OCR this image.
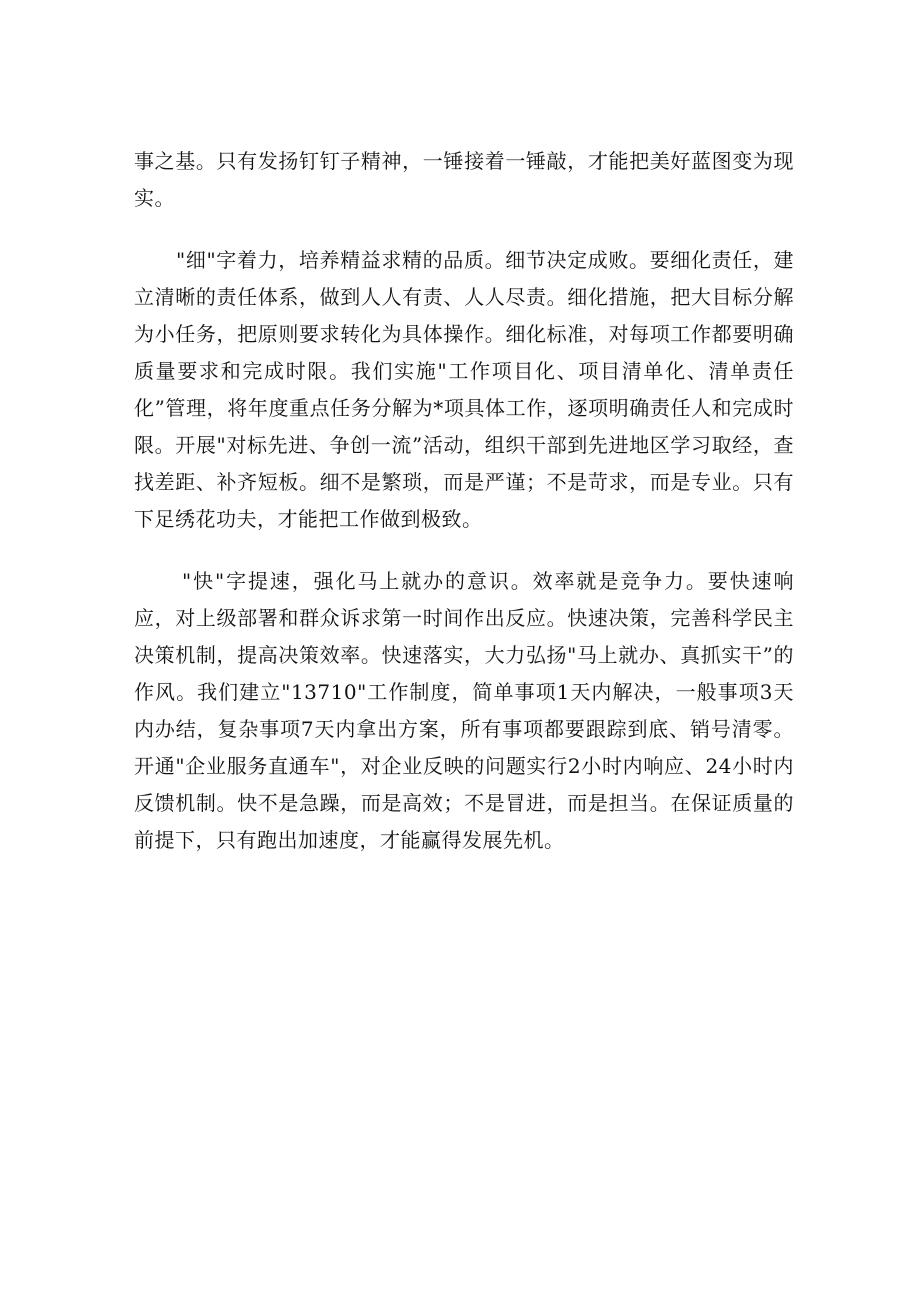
事之基。只有发扬钉钉子精神，一锤接着一锤敲，才能把美好蓝图变为现实。

"细"字着力，培养精益求精的品质。细节决定成败。要细化责任，建立清晰的责任体系，做到人人有责、人人尽责。细化措施，把大目标分解为小任务，把原则要求转化为具体操作。细化标准，对每项工作都要明确质量要求和完成时限。我们实施"工作项目化、项目清单化、清单责任化”管理，将年度重点任务分解为*项具体工作，逐项明确责任人和完成时限。开展"对标先进、争创一流”活动，组织干部到先进地区学习取经，查找差距、补齐短板。细不是繁琐，而是严谨；不是苛求，而是专业。只有下足绣花功夫，才能把工作做到极致。

"快"字提速，强化马上就办的意识。效率就是竞争力。要快速响应，对上级部署和群众诉求第一时间作出反应。快速决策，完善科学民主决策机制，提高决策效率。快速落实，大力弘扬"马上就办、真抓实干”的作风。我们建立"13710"工作制度，简单事项1天内解决，一般事项3天内办结，复杂事项7天内拿出方案，所有事项都要跟踪到底、销号清零。开通"企业服务直通车"，对企业反映的问题实行2小时内响应、24小时内反馈机制。快不是急躁，而是高效；不是冒进，而是担当。在保证质量的前提下，只有跑出加速度，才能赢得发展先机。
